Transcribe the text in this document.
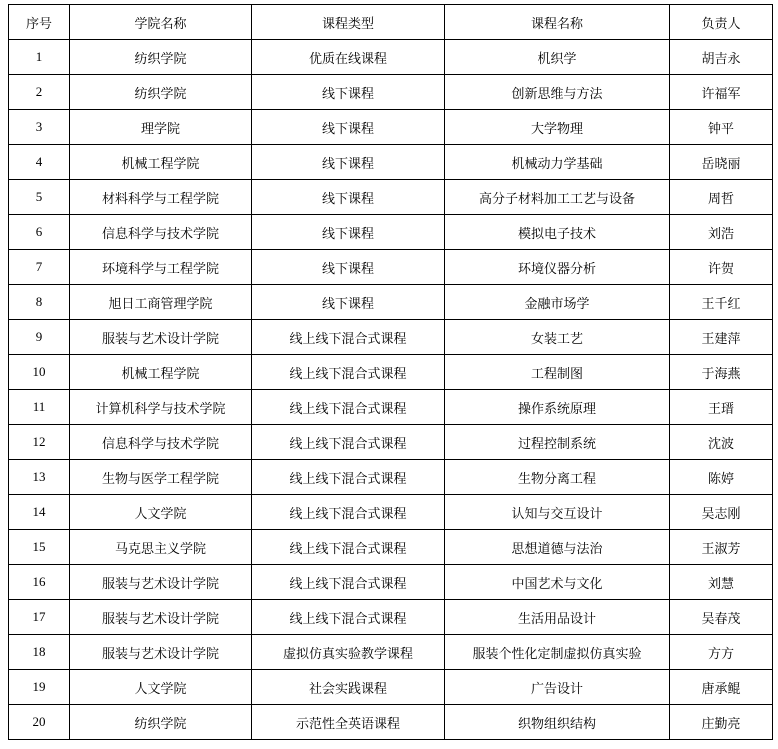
序号	学院名称	课程类型	课程名称	负责人
1	纺织学院	优质在线课程	机织学	胡吉永
2	纺织学院	线下课程	创新思维与方法	许福军
3	理学院	线下课程	大学物理	钟平
4	机械工程学院	线下课程	机械动力学基础	岳晓丽
5	材料科学与工程学院	线下课程	高分子材料加工工艺与设备	周哲
6	信息科学与技术学院	线下课程	模拟电子技术	刘浩
7	环境科学与工程学院	线下课程	环境仪器分析	许贺
8	旭日工商管理学院	线下课程	金融市场学	王千红
9	服装与艺术设计学院	线上线下混合式课程	女装工艺	王建萍
10	机械工程学院	线上线下混合式课程	工程制图	于海燕
11	计算机科学与技术学院	线上线下混合式课程	操作系统原理	王瑨
12	信息科学与技术学院	线上线下混合式课程	过程控制系统	沈波
13	生物与医学工程学院	线上线下混合式课程	生物分离工程	陈婷
14	人文学院	线上线下混合式课程	认知与交互设计	吴志刚
15	马克思主义学院	线上线下混合式课程	思想道德与法治	王淑芳
16	服装与艺术设计学院	线上线下混合式课程	中国艺术与文化	刘慧
17	服装与艺术设计学院	线上线下混合式课程	生活用品设计	吴春茂
18	服装与艺术设计学院	虚拟仿真实验教学课程	服装个性化定制虚拟仿真实验	方方
19	人文学院	社会实践课程	广告设计	唐承鲲
20	纺织学院	示范性全英语课程	织物组织结构	庄勤亮
